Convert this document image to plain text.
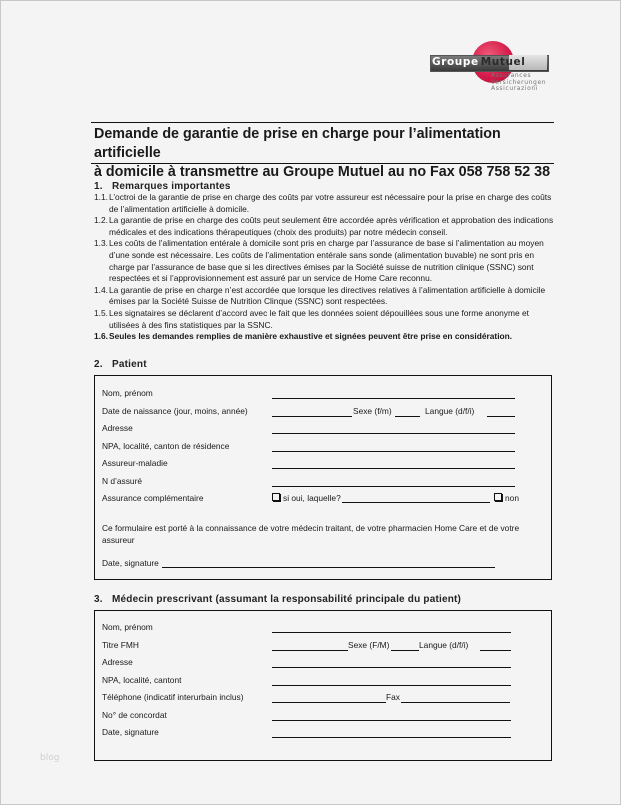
Groupe Mutuel
Assurances
Versicherungen
Assicurazioni
Demande de garantie de prise en charge pour l’alimentation artificielle
à domicile à transmettre au Groupe Mutuel au no Fax 058 758 52 38
1. Remarques importantes
1.1. L’octroi de la garantie de prise en charge des coûts par votre assureur est nécessaire pour la prise en charge des coûts de l’alimentation artificielle à domicile.
1.2. La garantie de prise en charge des coûts peut seulement être accordée après vérification et approbation des indications médicales et des indications thérapeutiques (choix des produits) par notre médecin conseil.
1.3. Les coûts de l’alimentation entérale à domicile sont pris en charge par l’assurance de base si l’alimentation au moyen d’une sonde est nécessaire. Les coûts de l’alimentation entérale sans sonde (alimentation buvable) ne sont pris en charge par l’assurance de base que si les directives émises par la Société suisse de nutrition clinique (SSNC) sont respectées et si l’approvisionnement est assuré par un service de Home Care reconnu.
1.4. La garantie de prise en charge n’est accordée que lorsque les directives relatives à l’alimentation artificielle à domicile émises par la Société Suisse de Nutrition Clinque (SSNC) sont respectées.
1.5. Les signataires se déclarent d’accord avec le fait que les données soient dépouillées sous une forme anonyme et utilisées à des fins statistiques par la SSNC.
1.6. Seules les demandes remplies de manière exhaustive et signées peuvent être prise en considération.
2. Patient
Nom, prénom
Date de naissance (jour, moins, année)	Sexe (f/m)	Langue (d/f/i)
Adresse
NPA, localité, canton de résidence
Assureur-maladie
N d’assuré
Assurance complémentaire	si oui, laquelle?	non
Ce formulaire est porté à la connaissance de votre médecin traitant, de votre pharmacien Home Care et de votre assureur
Date, signature
3. Médecin prescrivant (assumant la responsabilité principale du patient)
Nom, prénom
Titre FMH	Sexe (F/M)	Langue (d/f/i)
Adresse
NPA, localité, cantont
Téléphone (indicatif interurbain inclus)	Fax
No° de concordat
Date, signature
blog
